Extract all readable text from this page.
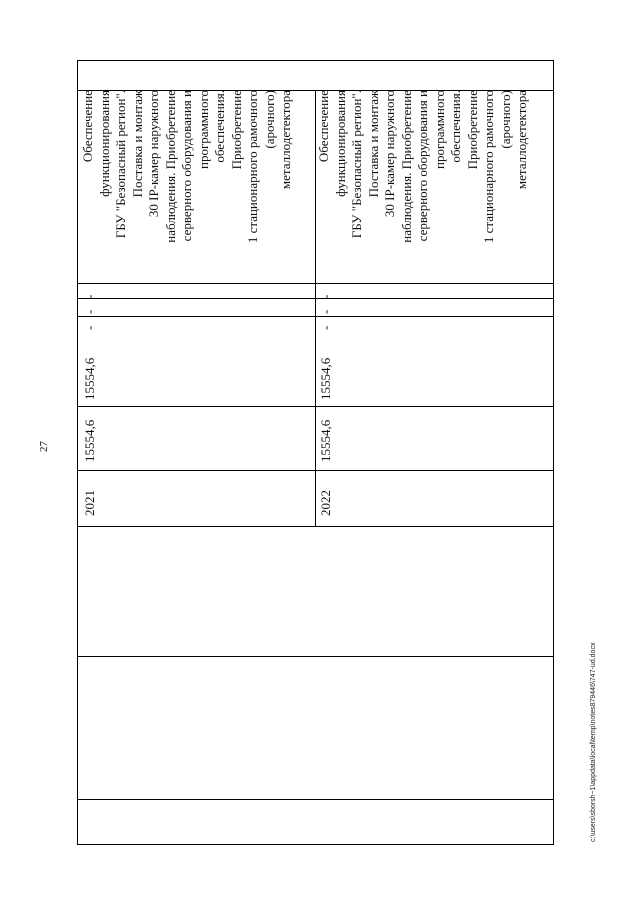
27

Обеспечение функционирования ГБУ "Безопасный регион". Поставка и монтаж 30 IP-камер наружного наблюдения. Приобретение серверного оборудования и программного обеспечения. Приобретение 1 стационарного рамочного (арочного) металлодетектора

-
-
-
15554,6
15554,6
2021

Обеспечение функционирования ГБУ "Безопасный регион". Поставка и монтаж 30 IP-камер наружного наблюдения. Приобретение серверного оборудования и программного обеспечения. Приобретение 1 стационарного рамочного (арочного) металлодетектора

-
-
-
15554,6
15554,6
2022
c:\users\sborsh~1\appdata\local\temp\notes879446\747-ud.docx
